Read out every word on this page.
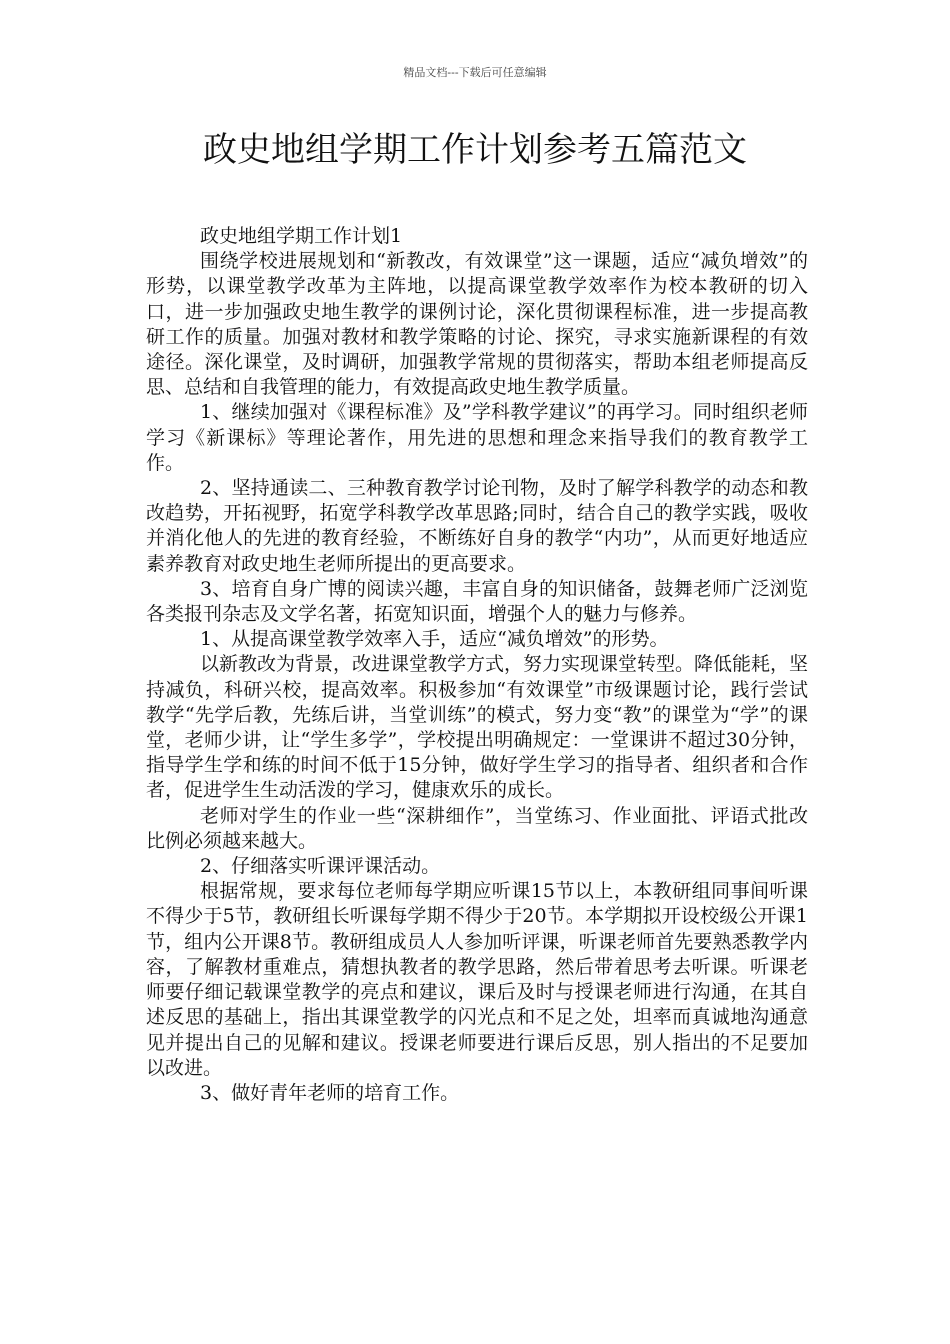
精品文档---下载后可任意编辑
政史地组学期工作计划参考五篇范文

政史地组学期工作计划1

围绕学校进展规划和“新教改，有效课堂”这一课题，适应“减负增效”的形势，以课堂教学改革为主阵地，以提高课堂教学效率作为校本教研的切入口，进一步加强政史地生教学的课例讨论，深化贯彻课程标准，进一步提高教研工作的质量。加强对教材和教学策略的讨论、探究，寻求实施新课程的有效途径。深化课堂，及时调研，加强教学常规的贯彻落实，帮助本组老师提高反思、总结和自我管理的能力，有效提高政史地生教学质量。

1、继续加强对《课程标准》及”学科教学建议”的再学习。同时组织老师学习《新课标》等理论著作，用先进的思想和理念来指导我们的教育教学工作。

2、坚持通读二、三种教育教学讨论刊物，及时了解学科教学的动态和教改趋势，开拓视野，拓宽学科教学改革思路;同时，结合自己的教学实践，吸收并消化他人的先进的教育经验，不断练好自身的教学“内功”，从而更好地适应素养教育对政史地生老师所提出的更高要求。

3、培育自身广博的阅读兴趣，丰富自身的知识储备，鼓舞老师广泛浏览各类报刊杂志及文学名著，拓宽知识面，增强个人的魅力与修养。

1、从提高课堂教学效率入手，适应“减负增效”的形势。

以新教改为背景，改进课堂教学方式，努力实现课堂转型。降低能耗，坚持减负，科研兴校，提高效率。积极参加“有效课堂”市级课题讨论，践行尝试教学“先学后教，先练后讲，当堂训练”的模式，努力变“教”的课堂为“学”的课堂，老师少讲，让“学生多学”，学校提出明确规定：一堂课讲不超过30分钟，指导学生学和练的时间不低于15分钟，做好学生学习的指导者、组织者和合作者，促进学生生动活泼的学习，健康欢乐的成长。

老师对学生的作业一些“深耕细作”，当堂练习、作业面批、评语式批改比例必须越来越大。

2、仔细落实听课评课活动。

根据常规，要求每位老师每学期应听课15节以上，本教研组同事间听课不得少于5节，教研组长听课每学期不得少于20节。本学期拟开设校级公开课1节，组内公开课8节。教研组成员人人参加听评课，听课老师首先要熟悉教学内容，了解教材重难点，猜想执教者的教学思路，然后带着思考去听课。听课老师要仔细记载课堂教学的亮点和建议，课后及时与授课老师进行沟通，在其自述反思的基础上，指出其课堂教学的闪光点和不足之处，坦率而真诚地沟通意见并提出自己的见解和建议。授课老师要进行课后反思，别人指出的不足要加以改进。

3、做好青年老师的培育工作。
